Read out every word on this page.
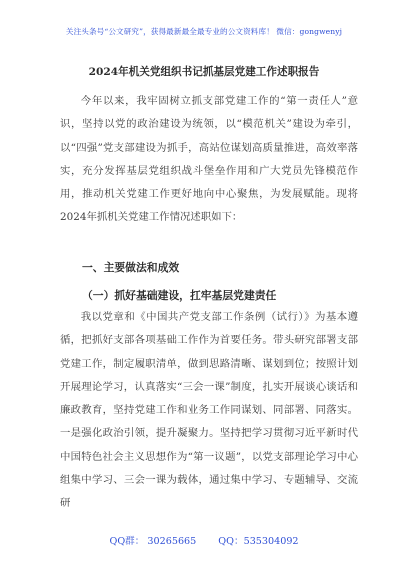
关注头条号“公文研究”，获得最新最全最专业的公文资料库！ 微信：gongwenyj
2024年机关党组织书记抓基层党建工作述职报告

今年以来，我牢固树立抓支部党建工作的“第一责任人”意识，坚持以党的政治建设为统领，以“模范机关”建设为牵引，以“四强”党支部建设为抓手，高站位谋划高质量推进，高效率落实，充分发挥基层党组织战斗堡垒作用和广大党员先锋模范作用，推动机关党建工作更好地向中心聚焦，为发展赋能。现将2024年抓机关党建工作情况述职如下：

一、主要做法和成效
（一）抓好基础建设，扛牢基层党建责任

我以党章和《中国共产党支部工作条例（试行）》为基本遵循，把抓好支部各项基础工作作为首要任务。带头研究部署支部党建工作，制定履职清单，做到思路清晰、谋划到位；按照计划开展理论学习，认真落实“三会一课”制度，扎实开展谈心谈话和廉政教育，坚持党建工作和业务工作同谋划、同部署、同落实。一是强化政治引领，提升凝聚力。坚持把学习贯彻习近平新时代中国特色社会主义思想作为“第一议题”，以党支部理论学习中心组集中学习、三会一课为载体，通过集中学习、专题辅导、交流研

QQ群： 30265665 QQ：535304092
